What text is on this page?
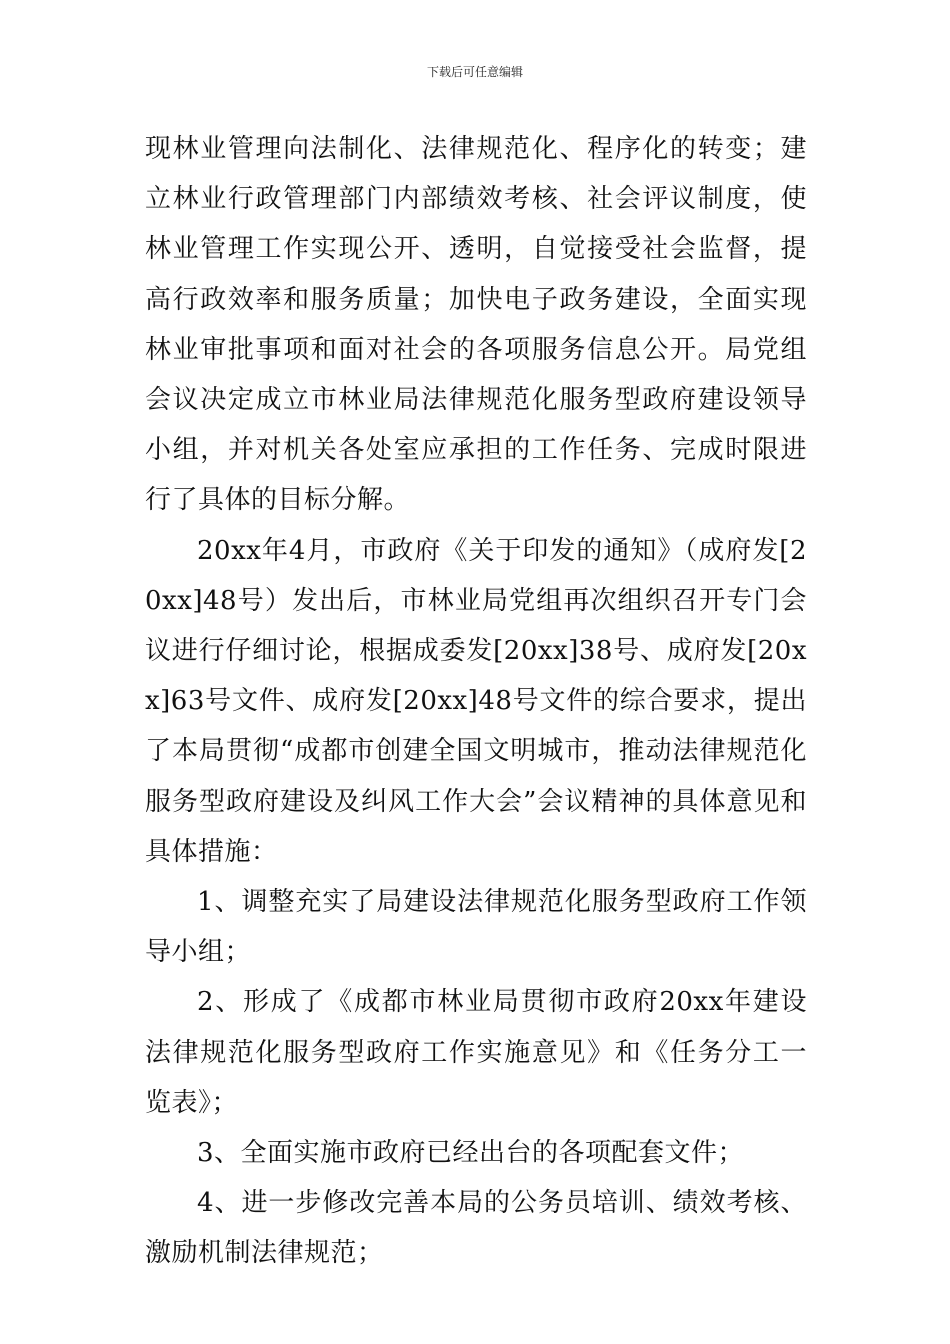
下载后可任意编辑

现林业管理向法制化、法律规范化、程序化的转变；建立林业行政管理部门内部绩效考核、社会评议制度，使林业管理工作实现公开、透明，自觉接受社会监督，提高行政效率和服务质量；加快电子政务建设，全面实现林业审批事项和面对社会的各项服务信息公开。局党组会议决定成立市林业局法律规范化服务型政府建设领导小组，并对机关各处室应承担的工作任务、完成时限进行了具体的目标分解。

20xx年4月，市政府《关于印发的通知》（成府发[20xx]48号）发出后，市林业局党组再次组织召开专门会议进行仔细讨论，根据成委发[20xx]38号、成府发[20xx]63号文件、成府发[20xx]48号文件的综合要求，提出了本局贯彻“成都市创建全国文明城市，推动法律规范化服务型政府建设及纠风工作大会”会议精神的具体意见和具体措施：

1、调整充实了局建设法律规范化服务型政府工作领导小组；

2、形成了《成都市林业局贯彻市政府20xx年建设法律规范化服务型政府工作实施意见》和《任务分工一览表》；

3、全面实施市政府已经出台的各项配套文件；

4、进一步修改完善本局的公务员培训、绩效考核、激励机制法律规范；
